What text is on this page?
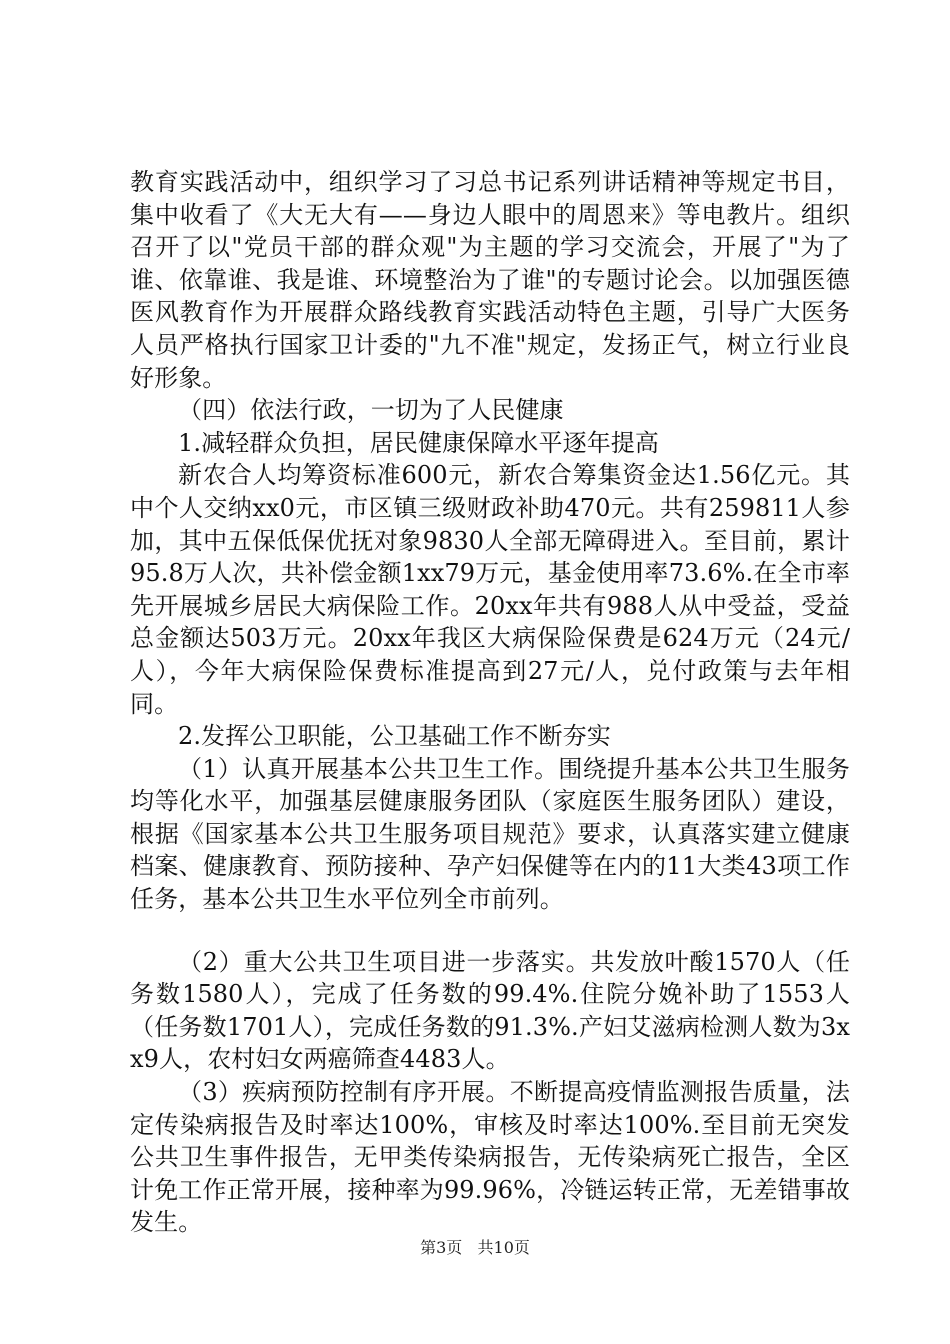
教育实践活动中，组织学习了习总书记系列讲话精神等规定书目，集中收看了《大无大有——身边人眼中的周恩来》等电教片。组织召开了以"党员干部的群众观"为主题的学习交流会，开展了"为了谁、依靠谁、我是谁、环境整治为了谁"的专题讨论会。以加强医德医风教育作为开展群众路线教育实践活动特色主题，引导广大医务人员严格执行国家卫计委的"九不准"规定，发扬正气，树立行业良好形象。

（四）依法行政，一切为了人民健康

1.减轻群众负担，居民健康保障水平逐年提高

新农合人均筹资标准600元，新农合筹集资金达1.56亿元。其中个人交纳xx0元，市区镇三级财政补助470元。共有259811人参加，其中五保低保优抚对象9830人全部无障碍进入。至目前，累计95.8万人次，共补偿金额1xx79万元，基金使用率73.6%.在全市率先开展城乡居民大病保险工作。20xx年共有988人从中受益，受益总金额达503万元。20xx年我区大病保险保费是624万元（24元/人），今年大病保险保费标准提高到27元/人，兑付政策与去年相同。

2.发挥公卫职能，公卫基础工作不断夯实

（1）认真开展基本公共卫生工作。围绕提升基本公共卫生服务均等化水平，加强基层健康服务团队（家庭医生服务团队）建设，根据《国家基本公共卫生服务项目规范》要求，认真落实建立健康档案、健康教育、预防接种、孕产妇保健等在内的11大类43项工作任务，基本公共卫生水平位列全市前列。

（2）重大公共卫生项目进一步落实。共发放叶酸1570人（任务数1580人），完成了任务数的99.4%.住院分娩补助了1553人（任务数1701人），完成任务数的91.3%.产妇艾滋病检测人数为3xx9人，农村妇女两癌筛查4483人。

（3）疾病预防控制有序开展。不断提高疫情监测报告质量，法定传染病报告及时率达100%，审核及时率达100%.至目前无突发公共卫生事件报告，无甲类传染病报告，无传染病死亡报告，全区计免工作正常开展，接种率为99.96%，冷链运转正常，无差错事故发生。

第3页 共10页
